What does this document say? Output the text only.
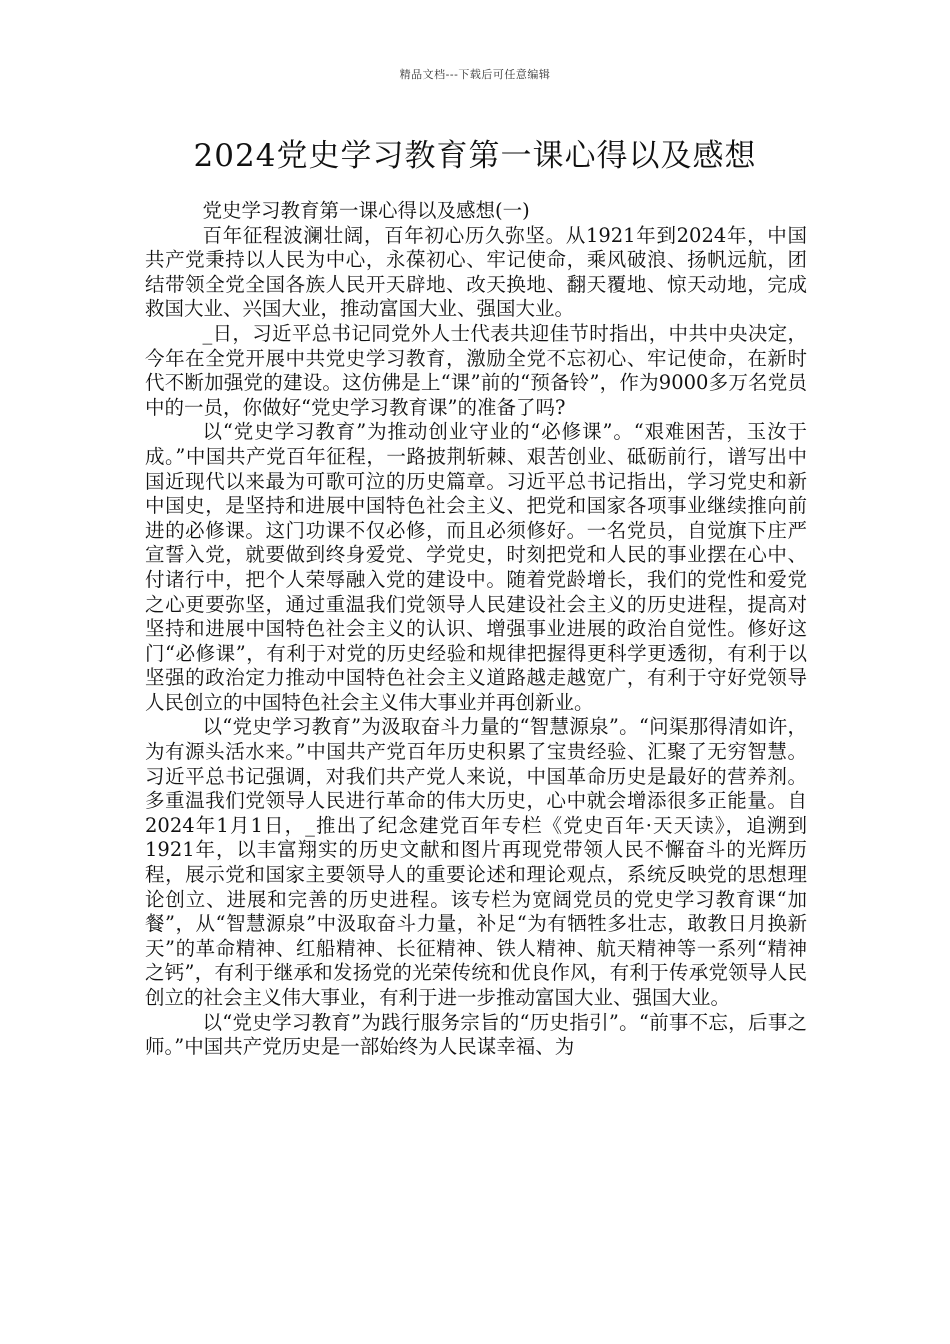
精品文档---下载后可任意编辑
2024党史学习教育第一课心得以及感想

党史学习教育第一课心得以及感想(一)

百年征程波澜壮阔，百年初心历久弥坚。从1921年到2024年，中国共产党秉持以人民为中心，永葆初心、牢记使命，乘风破浪、扬帆远航，团结带领全党全国各族人民开天辟地、改天换地、翻天覆地、惊天动地，完成救国大业、兴国大业，推动富国大业、强国大业。

_日，习近平总书记同党外人士代表共迎佳节时指出，中共中央决定，今年在全党开展中共党史学习教育，激励全党不忘初心、牢记使命，在新时代不断加强党的建设。这仿佛是上“课”前的“预备铃”，作为9000多万名党员中的一员，你做好“党史学习教育课”的准备了吗?

以“党史学习教育”为推动创业守业的“必修课”。“艰难困苦，玉汝于成。”中国共产党百年征程，一路披荆斩棘、艰苦创业、砥砺前行，谱写出中国近现代以来最为可歌可泣的历史篇章。习近平总书记指出，学习党史和新中国史，是坚持和进展中国特色社会主义、把党和国家各项事业继续推向前进的必修课。这门功课不仅必修，而且必须修好。一名党员，自觉旗下庄严宣誓入党，就要做到终身爱党、学党史，时刻把党和人民的事业摆在心中、付诸行中，把个人荣辱融入党的建设中。随着党龄增长，我们的党性和爱党之心更要弥坚，通过重温我们党领导人民建设社会主义的历史进程，提高对坚持和进展中国特色社会主义的认识、增强事业进展的政治自觉性。修好这门“必修课”，有利于对党的历史经验和规律把握得更科学更透彻，有利于以坚强的政治定力推动中国特色社会主义道路越走越宽广，有利于守好党领导人民创立的中国特色社会主义伟大事业并再创新业。

以“党史学习教育”为汲取奋斗力量的“智慧源泉”。“问渠那得清如许，为有源头活水来。”中国共产党百年历史积累了宝贵经验、汇聚了无穷智慧。习近平总书记强调，对我们共产党人来说，中国革命历史是最好的营养剂。多重温我们党领导人民进行革命的伟大历史，心中就会增添很多正能量。自2024年1月1日，_推出了纪念建党百年专栏《党史百年·天天读》，追溯到1921年，以丰富翔实的历史文献和图片再现党带领人民不懈奋斗的光辉历程，展示党和国家主要领导人的重要论述和理论观点，系统反映党的思想理论创立、进展和完善的历史进程。该专栏为宽阔党员的党史学习教育课“加餐”，从“智慧源泉”中汲取奋斗力量，补足“为有牺牲多壮志，敢教日月换新天”的革命精神、红船精神、长征精神、铁人精神、航天精神等一系列“精神之钙”，有利于继承和发扬党的光荣传统和优良作风，有利于传承党领导人民创立的社会主义伟大事业，有利于进一步推动富国大业、强国大业。

以“党史学习教育”为践行服务宗旨的“历史指引”。“前事不忘，后事之师。”中国共产党历史是一部始终为人民谋幸福、为
